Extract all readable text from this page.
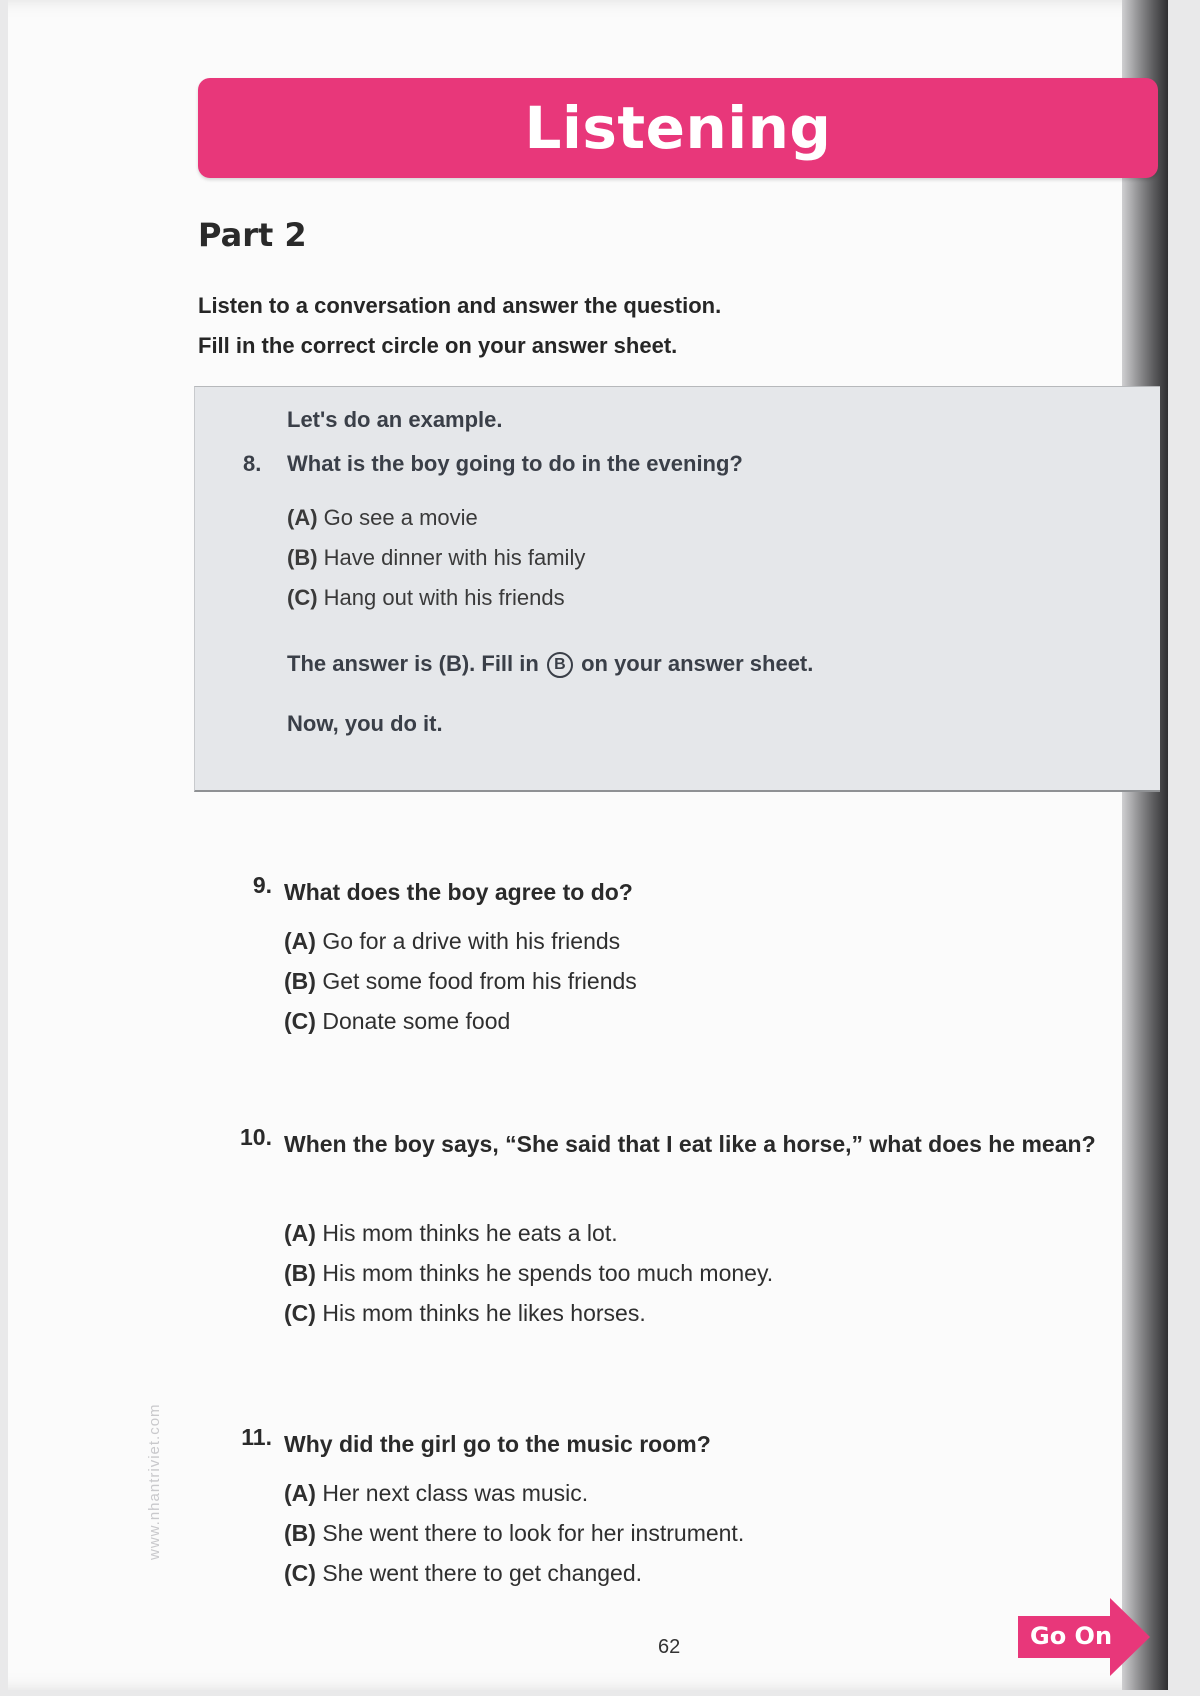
Listening
Part 2
Listen to a conversation and answer the question.
Fill in the correct circle on your answer sheet.
Let's do an example.
8. What is the boy going to do in the evening?
(A) Go see a movie
(B) Have dinner with his family
(C) Hang out with his friends
The answer is (B). Fill in B on your answer sheet.
Now, you do it.
9. What does the boy agree to do?
(A) Go for a drive with his friends
(B) Get some food from his friends
(C) Donate some food
10. When the boy says, “She said that I eat like a horse,” what does he mean?
(A) His mom thinks he eats a lot.
(B) His mom thinks he spends too much money.
(C) His mom thinks he likes horses.
11. Why did the girl go to the music room?
(A) Her next class was music.
(B) She went there to look for her instrument.
(C) She went there to get changed.
62	Go On
www.nhantriviet.com
